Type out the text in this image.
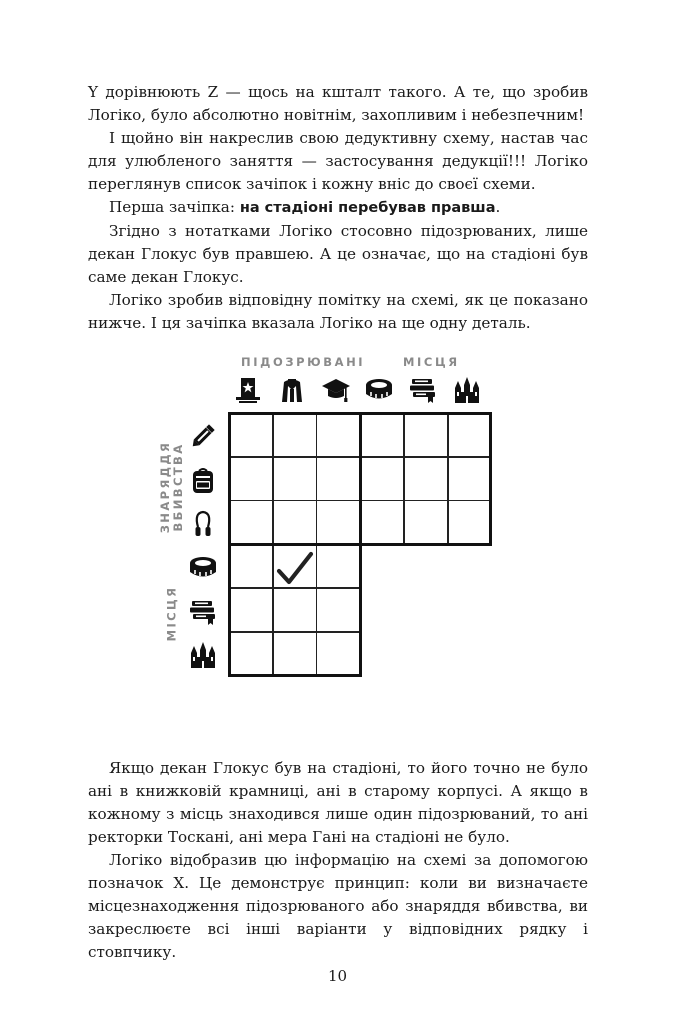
Y дорівнюють Z — щось на кшталт такого. А те, що зробив Логіко, було абсолютно новітнім, захопливим і небезпечним!

І щойно він накреслив свою дедуктивну схему, настав час для улюбленого заняття — застосування дедукції!!! Логіко переглянув список зачіпок і кожну вніс до своєї схеми.

Перша зачіпка: на стадіоні перебував правша.

Згідно з нотатками Логіко стосовно підозрюваних, лише декан Глокус був правшею. А це означає, що на стадіоні був саме декан Глокус.

Логіко зробив відповідну помітку на схемі, як це показано нижче. І ця зачіпка вказала Логіко на ще одну деталь.

ПІДОЗРЮВАНІ	МІСЦЯ
ЗНАРЯДДЯ
ВБИВСТВА
МІСЦЯ

Якщо декан Глокус був на стадіоні, то його точно не було ані в книжковій крамниці, ані в старому корпусі. А якщо в кожному з місць знаходився лише один підозрюваний, то ані ректорки Тоскані, ані мера Гані на стадіоні не було.

Логіко відобразив цю інформацію на схемі за допомогою позначок X. Це демонструє принцип: коли ви визначаєте місцезнаходження підозрюваного або знаряддя вбивства, ви закреслюєте всі інші варіанти у відповідних рядку і стовпчику.

10
